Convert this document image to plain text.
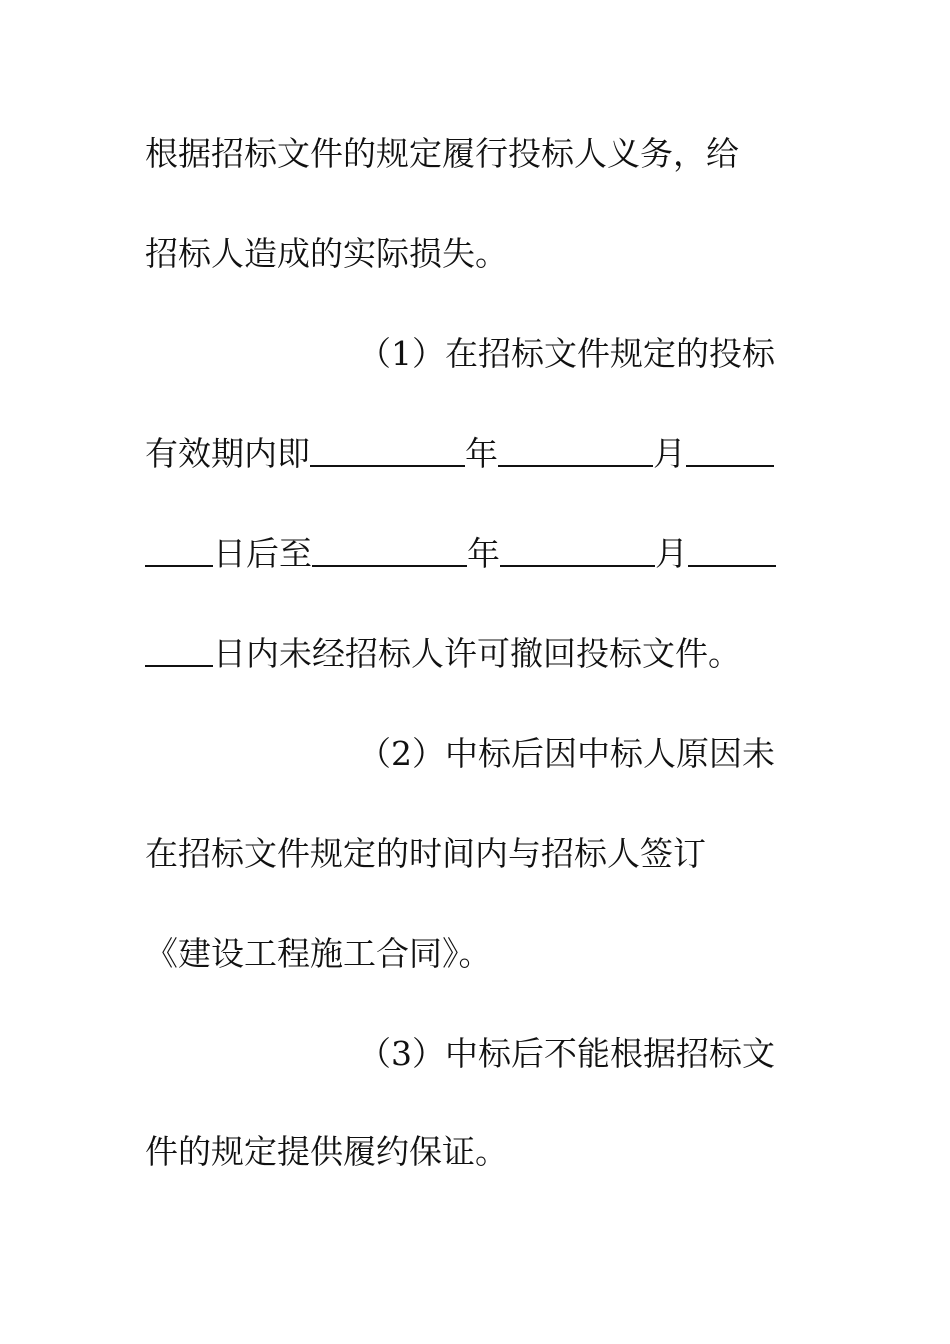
根据招标文件的规定履行投标人义务，给
招标人造成的实际损失。
（1）在招标文件规定的投标
有效期内即	年	月
日后至	年	月
日内未经招标人许可撤回投标文件。
（2）中标后因中标人原因未
在招标文件规定的时间内与招标人签订
《建设工程施工合同》。
（3）中标后不能根据招标文
件的规定提供履约保证。
